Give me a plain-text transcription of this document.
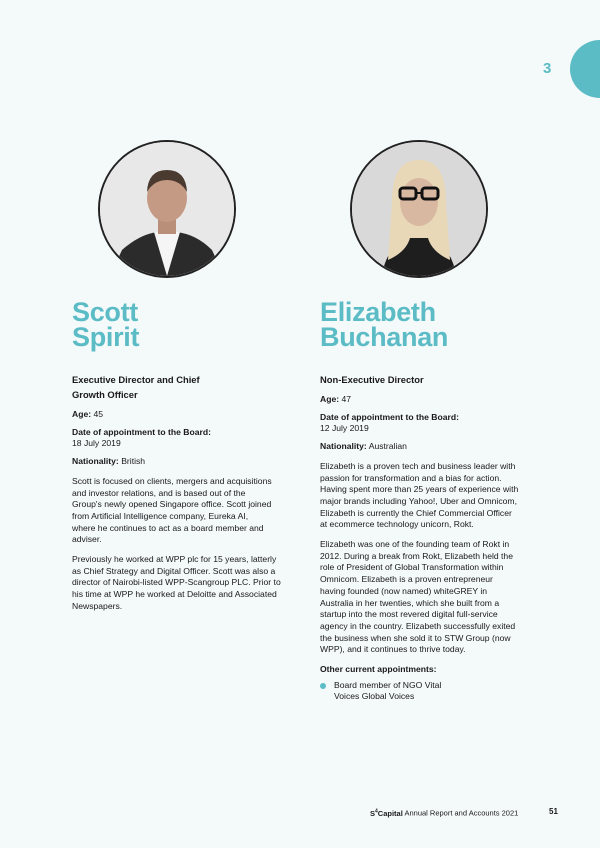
3
Scott
Spirit
Executive Director and Chief Growth Officer
Age: 45
Date of appointment to the Board:
18 July 2019
Nationality: British

Scott is focused on clients, mergers and acquisitions and investor relations, and is based out of the Group's newly opened Singapore office. Scott joined from Artificial Intelligence company, Eureka AI, where he continues to act as a board member and adviser.

Previously he worked at WPP plc for 15 years, latterly as Chief Strategy and Digital Officer. Scott was also a director of Nairobi-listed WPP-Scangroup PLC. Prior to his time at WPP he worked at Deloitte and Associated Newspapers.

Elizabeth
Buchanan
Non-Executive Director
Age: 47
Date of appointment to the Board:
12 July 2019
Nationality: Australian

Elizabeth is a proven tech and business leader with passion for transformation and a bias for action. Having spent more than 25 years of experience with major brands including Yahoo!, Uber and Omnicom, Elizabeth is currently the Chief Commercial Officer at ecommerce technology unicorn, Rokt.

Elizabeth was one of the founding team of Rokt in 2012. During a break from Rokt, Elizabeth held the role of President of Global Transformation within Omnicom. Elizabeth is a proven entrepreneur having founded (now named) whiteGREY in Australia in her twenties, which she built from a startup into the most revered digital full-service agency in the country. Elizabeth successfully exited the business when she sold it to STW Group (now WPP), and it continues to thrive today.

Other current appointments:
Board member of NGO Vital Voices Global Voices
$S^4Capital$ Annual Report and Accounts 2021	51
